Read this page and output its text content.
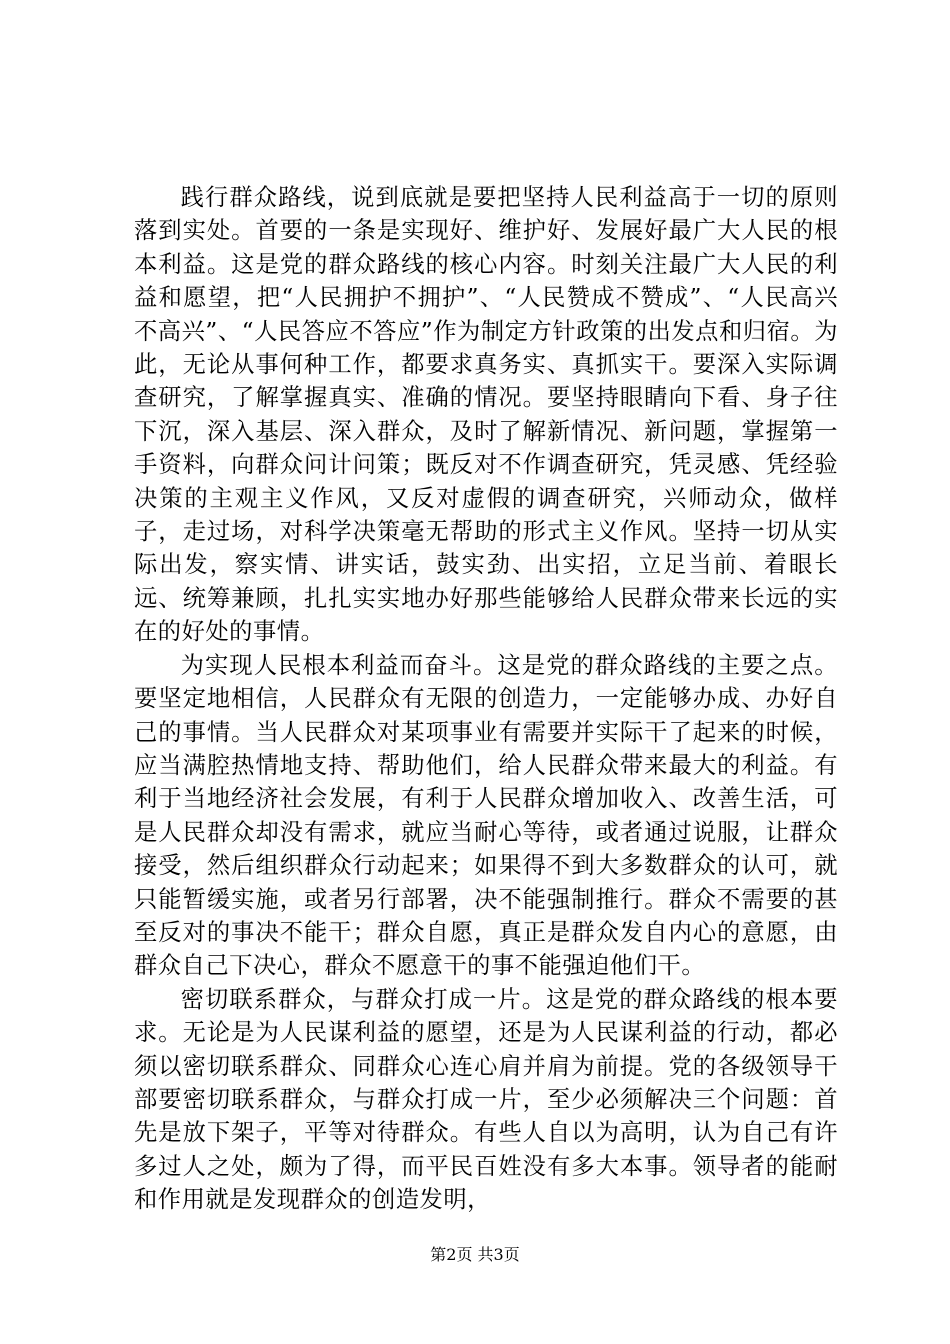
践行群众路线，说到底就是要把坚持人民利益高于一切的原则落到实处。首要的一条是实现好、维护好、发展好最广大人民的根本利益。这是党的群众路线的核心内容。时刻关注最广大人民的利益和愿望，把“人民拥护不拥护”、“人民赞成不赞成”、“人民高兴不高兴”、“人民答应不答应”作为制定方针政策的出发点和归宿。为此，无论从事何种工作，都要求真务实、真抓实干。要深入实际调查研究，了解掌握真实、准确的情况。要坚持眼睛向下看、身子往下沉，深入基层、深入群众，及时了解新情况、新问题，掌握第一手资料，向群众问计问策；既反对不作调查研究，凭灵感、凭经验决策的主观主义作风，又反对虚假的调查研究，兴师动众，做样子，走过场，对科学决策毫无帮助的形式主义作风。坚持一切从实际出发，察实情、讲实话，鼓实劲、出实招，立足当前、着眼长远、统筹兼顾，扎扎实实地办好那些能够给人民群众带来长远的实在的好处的事情。

为实现人民根本利益而奋斗。这是党的群众路线的主要之点。要坚定地相信，人民群众有无限的创造力，一定能够办成、办好自己的事情。当人民群众对某项事业有需要并实际干了起来的时候，应当满腔热情地支持、帮助他们，给人民群众带来最大的利益。有利于当地经济社会发展，有利于人民群众增加收入、改善生活，可是人民群众却没有需求，就应当耐心等待，或者通过说服，让群众接受，然后组织群众行动起来；如果得不到大多数群众的认可，就只能暂缓实施，或者另行部署，决不能强制推行。群众不需要的甚至反对的事决不能干；群众自愿，真正是群众发自内心的意愿，由群众自己下决心，群众不愿意干的事不能强迫他们干。

密切联系群众，与群众打成一片。这是党的群众路线的根本要求。无论是为人民谋利益的愿望，还是为人民谋利益的行动，都必须以密切联系群众、同群众心连心肩并肩为前提。党的各级领导干部要密切联系群众，与群众打成一片，至少必须解决三个问题：首先是放下架子，平等对待群众。有些人自以为高明，认为自己有许多过人之处，颇为了得，而平民百姓没有多大本事。领导者的能耐和作用就是发现群众的创造发明，

第2页 共3页
